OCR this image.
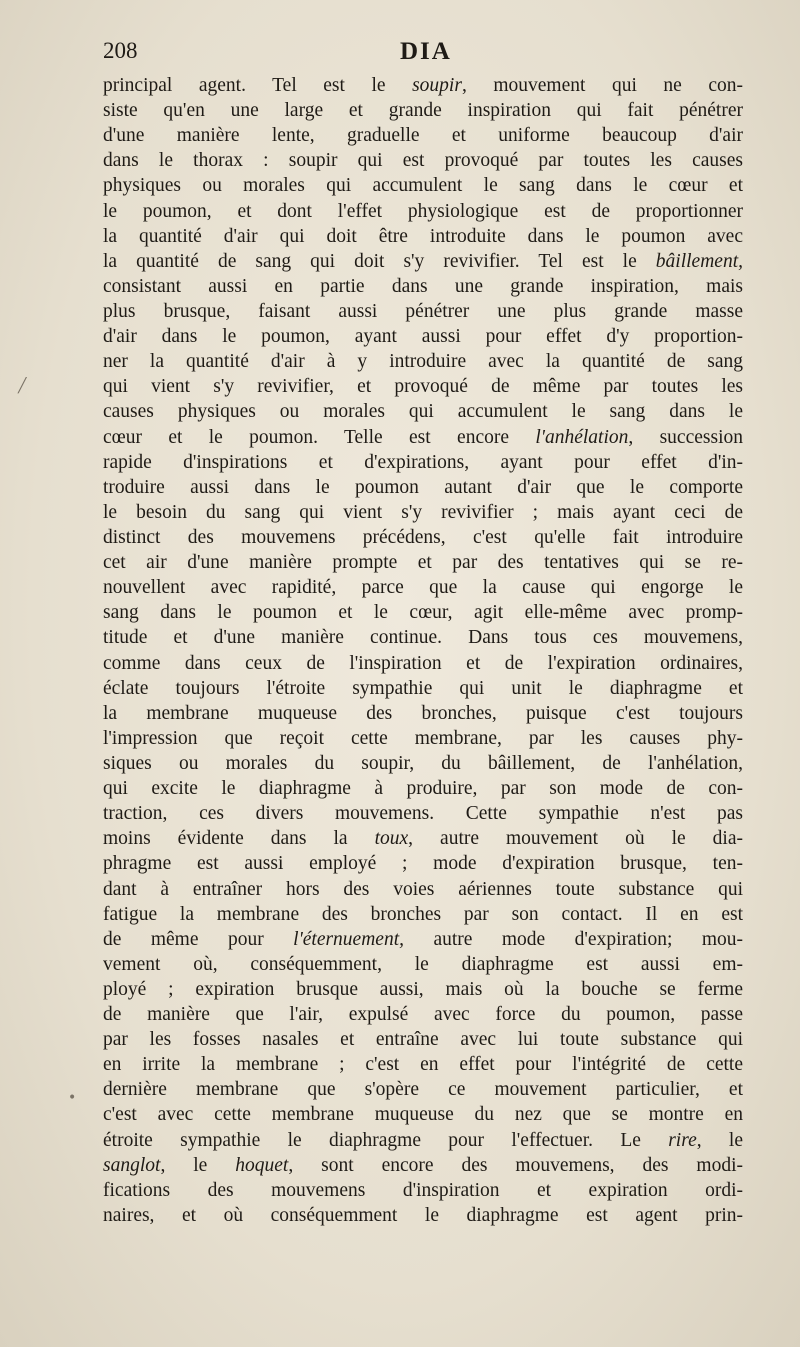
208	DIA
principal agent. Tel est le soupir, mouvement qui ne con-
siste qu'en une large et grande inspiration qui fait pénétrer
d'une manière lente, graduelle et uniforme beaucoup d'air
dans le thorax : soupir qui est provoqué par toutes les causes
physiques ou morales qui accumulent le sang dans le cœur et
le poumon, et dont l'effet physiologique est de proportionner
la quantité d'air qui doit être introduite dans le poumon avec
la quantité de sang qui doit s'y revivifier. Tel est le bâillement,
consistant aussi en partie dans une grande inspiration, mais
plus brusque, faisant aussi pénétrer une plus grande masse
d'air dans le poumon, ayant aussi pour effet d'y proportion-
ner la quantité d'air à y introduire avec la quantité de sang
qui vient s'y revivifier, et provoqué de même par toutes les
causes physiques ou morales qui accumulent le sang dans le
cœur et le poumon. Telle est encore l'anhélation, succession
rapide d'inspirations et d'expirations, ayant pour effet d'in-
troduire aussi dans le poumon autant d'air que le comporte
le besoin du sang qui vient s'y revivifier ; mais ayant ceci de
distinct des mouvemens précédens, c'est qu'elle fait introduire
cet air d'une manière prompte et par des tentatives qui se re-
nouvellent avec rapidité, parce que la cause qui engorge le
sang dans le poumon et le cœur, agit elle-même avec promp-
titude et d'une manière continue. Dans tous ces mouvemens,
comme dans ceux de l'inspiration et de l'expiration ordinaires,
éclate toujours l'étroite sympathie qui unit le diaphragme et
la membrane muqueuse des bronches, puisque c'est toujours
l'impression que reçoit cette membrane, par les causes phy-
siques ou morales du soupir, du bâillement, de l'anhélation,
qui excite le diaphragme à produire, par son mode de con-
traction, ces divers mouvemens. Cette sympathie n'est pas
moins évidente dans la toux, autre mouvement où le dia-
phragme est aussi employé ; mode d'expiration brusque, ten-
dant à entraîner hors des voies aériennes toute substance qui
fatigue la membrane des bronches par son contact. Il en est
de même pour l'éternuement, autre mode d'expiration; mou-
vement où, conséquemment, le diaphragme est aussi em-
ployé ; expiration brusque aussi, mais où la bouche se ferme
de manière que l'air, expulsé avec force du poumon, passe
par les fosses nasales et entraîne avec lui toute substance qui
en irrite la membrane ; c'est en effet pour l'intégrité de cette
dernière membrane que s'opère ce mouvement particulier, et
c'est avec cette membrane muqueuse du nez que se montre en
étroite sympathie le diaphragme pour l'effectuer. Le rire, le
sanglot, le hoquet, sont encore des mouvemens, des modi-
fications des mouvemens d'inspiration et expiration ordi-
naires, et où conséquemment le diaphragme est agent prin-
╱
•
